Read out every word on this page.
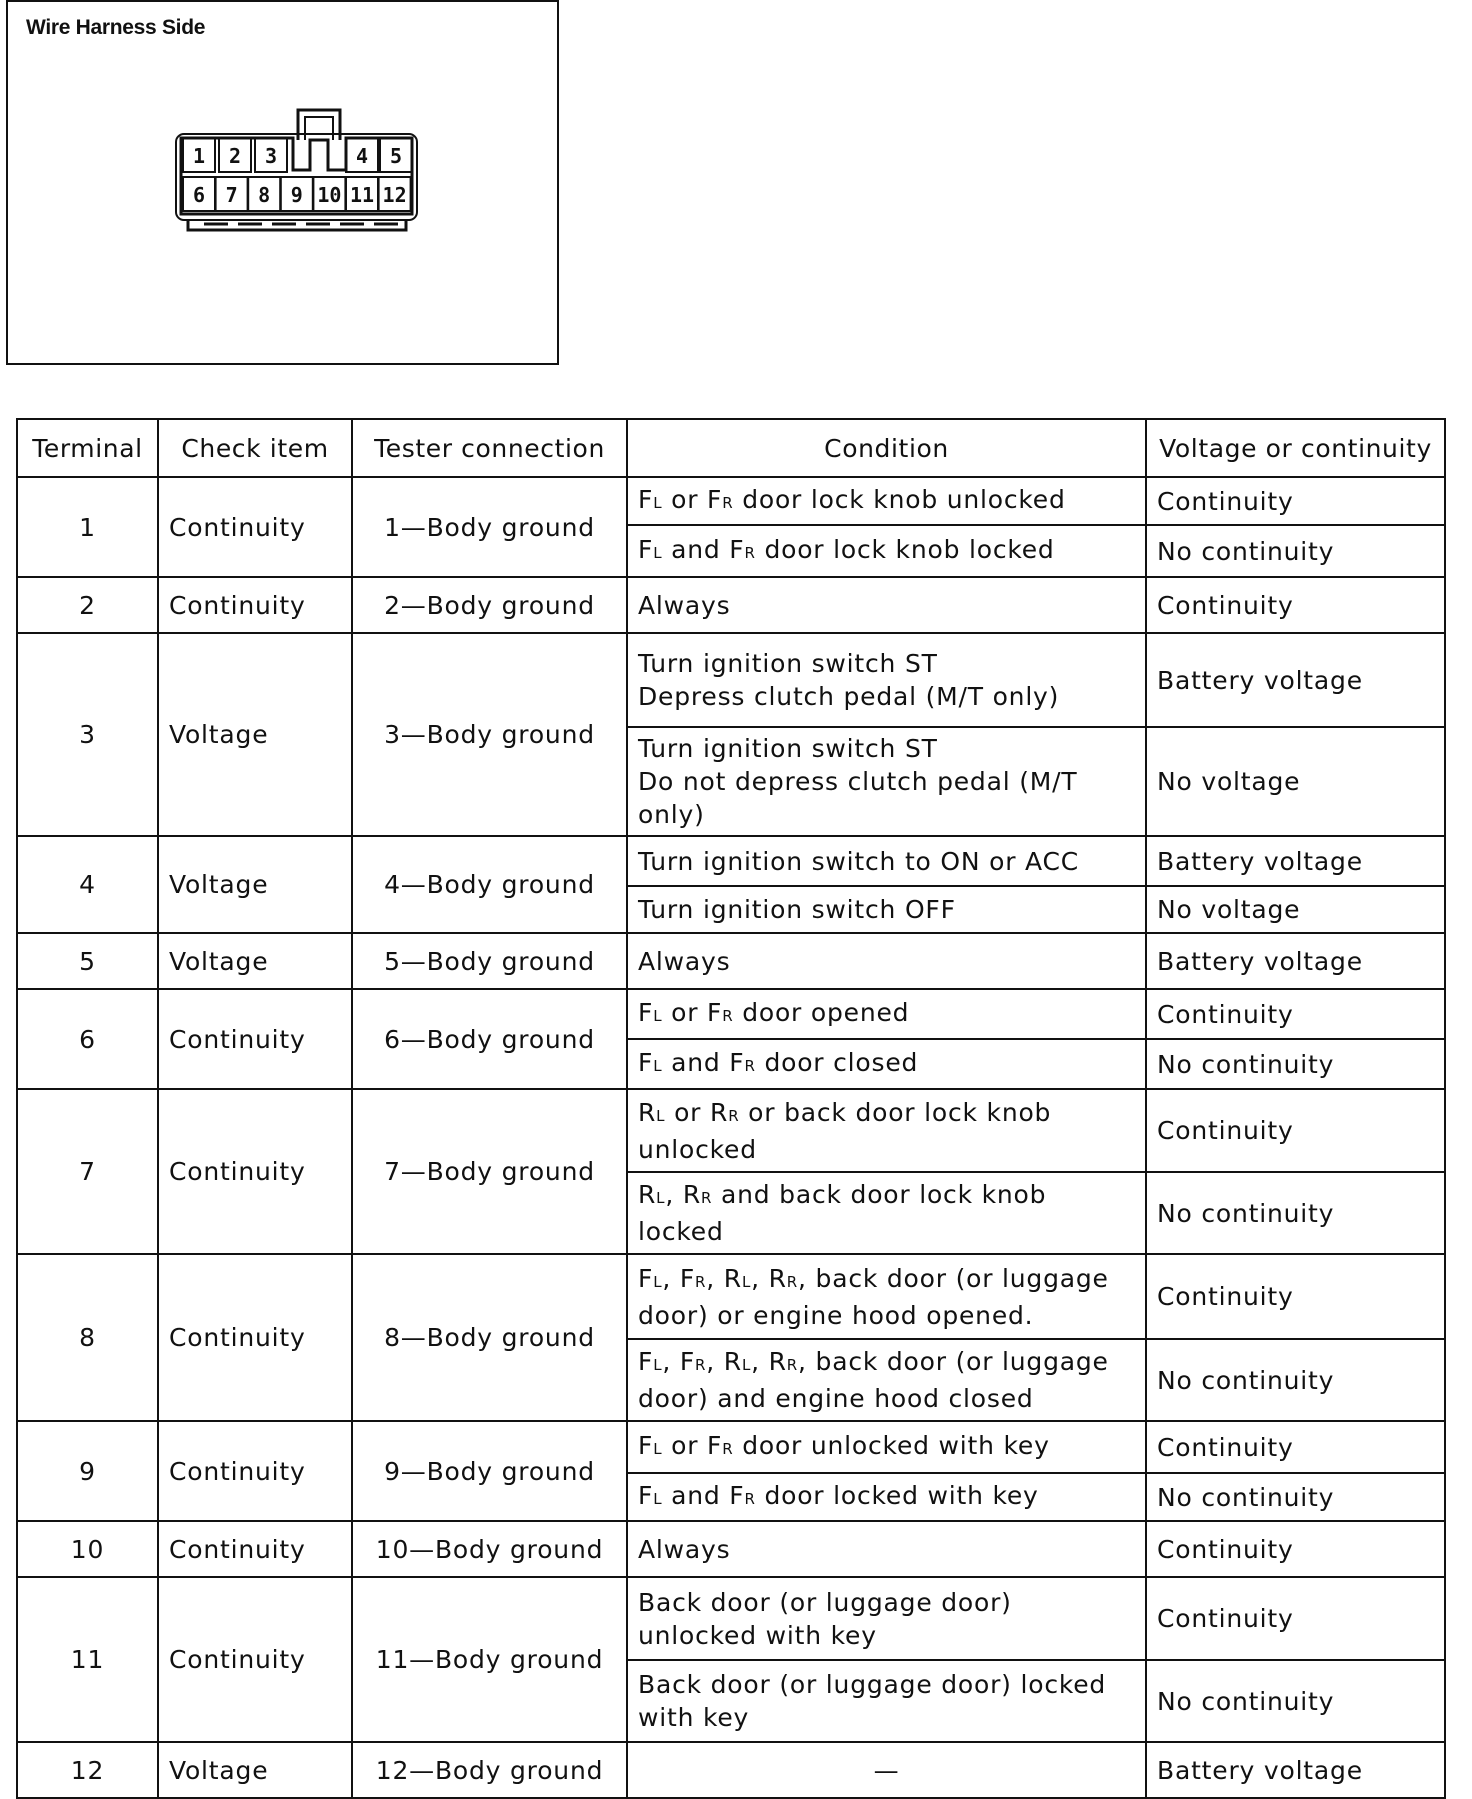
Wire Harness Side
1 2 3	4 5
6 7 8 9 10 11 12
Terminal	Check item	Tester connection	Condition	Voltage or continuity
1	Continuity	1—Body ground	FL or FR door lock knob unlocked	Continuity
			FL and FR door lock knob locked	No continuity
2	Continuity	2—Body ground	Always	Continuity
3	Voltage	3—Body ground	Turn ignition switch ST
Depress clutch pedal (M/T only)	Battery voltage
			Turn ignition switch ST
Do not depress clutch pedal (M/T only)	No voltage
4	Voltage	4—Body ground	Turn ignition switch to ON or ACC	Battery voltage
			Turn ignition switch OFF	No voltage
5	Voltage	5—Body ground	Always	Battery voltage
6	Continuity	6—Body ground	FL or FR door opened	Continuity
			FL and FR door closed	No continuity
7	Continuity	7—Body ground	RL or RR or back door lock knob unlocked	Continuity
			RL, RR and back door lock knob locked	No continuity
8	Continuity	8—Body ground	FL, FR, RL, RR, back door (or luggage door) or engine hood opened.	Continuity
			FL, FR, RL, RR, back door (or luggage door) and engine hood closed	No continuity
9	Continuity	9—Body ground	FL or FR door unlocked with key	Continuity
			FL and FR door locked with key	No continuity
10	Continuity	10—Body ground	Always	Continuity
11	Continuity	11—Body ground	Back door (or luggage door) unlocked with key	Continuity
			Back door (or luggage door) locked with key	No continuity
12	Voltage	12—Body ground	—	Battery voltage
